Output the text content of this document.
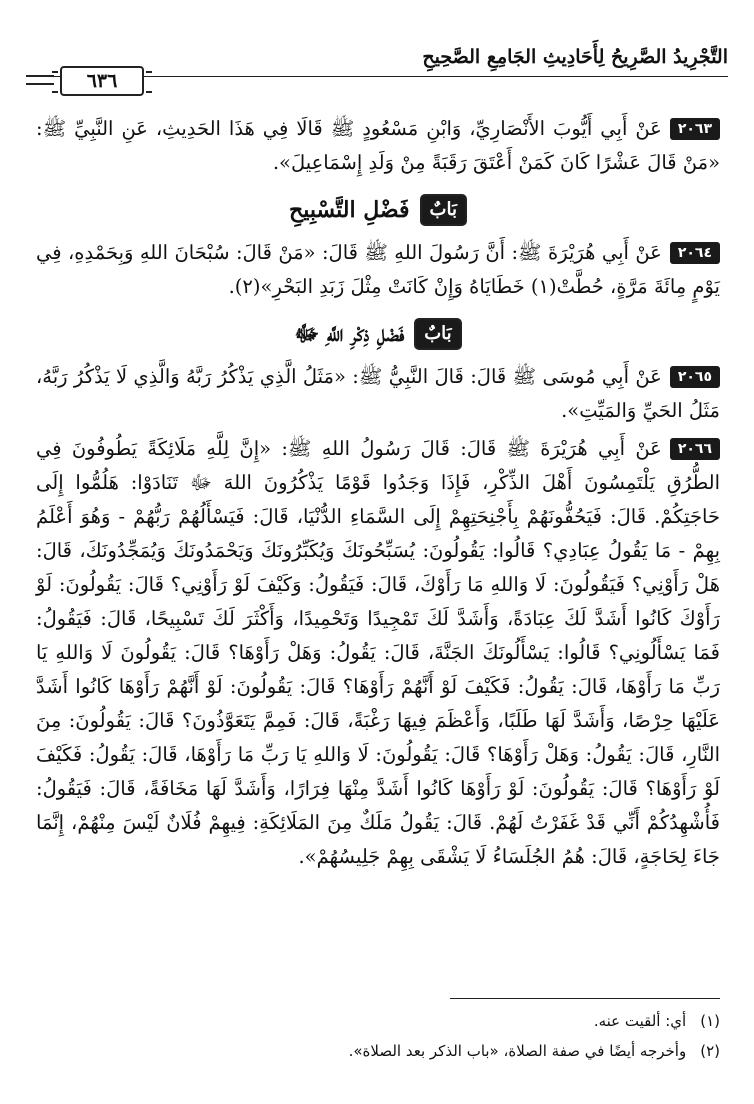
التَّجْرِيدُ الصَّرِيحُ لِأَحَادِيثِ الجَامِعِ الصَّحِيحِ
٦٣٦

٢٠٦٣عَنْ أَبِي أَيُّوبَ الأَنْصَارِيِّ، وَابْنِ مَسْعُودٍ ﷺ قَالَا فِي هَذَا الحَدِيثِ، عَنِ النَّبِيِّ ﷺ: «مَنْ قَالَ عَشْرًا كَانَ كَمَنْ أَعْتَقَ رَقَبَةً مِنْ وَلَدِ إِسْمَاعِيلَ».

بَابٌ
فَضْلِ التَّسْبِيحِ

٢٠٦٤عَنْ أَبِي هُرَيْرَةَ ﷺ: أَنَّ رَسُولَ اللهِ ﷺ قَالَ: «مَنْ قَالَ: سُبْحَانَ اللهِ وَبِحَمْدِهِ، فِي يَوْمٍ مِائَةَ مَرَّةٍ، حُطَّتْ(١) خَطَايَاهُ وَإِنْ كَانَتْ مِثْلَ زَبَدِ البَحْرِ»(٢).

بَابٌ
فَضْلِ ذِكْرِ اللَّهِ ﷻ

٢٠٦٥عَنْ أَبِي مُوسَى ﷺ قَالَ: قَالَ النَّبِيُّ ﷺ: «مَثَلُ الَّذِي يَذْكُرُ رَبَّهُ وَالَّذِي لَا يَذْكُرُ رَبَّهُ، مَثَلُ الحَيِّ وَالمَيِّتِ».

٢٠٦٦عَنْ أَبِي هُرَيْرَةَ ﷺ قَالَ: قَالَ رَسُولُ اللهِ ﷺ: «إِنَّ لِلَّهِ مَلَائِكَةً يَطُوفُونَ فِي الطُّرُقِ يَلْتَمِسُونَ أَهْلَ الذِّكْرِ، فَإِذَا وَجَدُوا قَوْمًا يَذْكُرُونَ اللهَ ﷻ تَنَادَوْا: هَلُمُّوا إِلَى حَاجَتِكُمْ. قَالَ: فَيَحُفُّونَهُمْ بِأَجْنِحَتِهِمْ إِلَى السَّمَاءِ الدُّنْيَا، قَالَ: فَيَسْأَلُهُمْ رَبُّهُمْ - وَهُوَ أَعْلَمُ بِهِمْ - مَا يَقُولُ عِبَادِي؟ قَالُوا: يَقُولُونَ: يُسَبِّحُونَكَ وَيُكَبِّرُونَكَ وَيَحْمَدُونَكَ وَيُمَجِّدُونَكَ، قَالَ: هَلْ رَأَوْنِي؟ فَيَقُولُونَ: لَا وَاللهِ مَا رَأَوْكَ، قَالَ: فَيَقُولُ: وَكَيْفَ لَوْ رَأَوْنِي؟ قَالَ: يَقُولُونَ: لَوْ رَأَوْكَ كَانُوا أَشَدَّ لَكَ عِبَادَةً، وَأَشَدَّ لَكَ تَمْجِيدًا وَتَحْمِيدًا، وَأَكْثَرَ لَكَ تَسْبِيحًا، قَالَ: فَيَقُولُ: فَمَا يَسْأَلُونِي؟ قَالُوا: يَسْأَلُونَكَ الجَنَّةَ، قَالَ: يَقُولُ: وَهَلْ رَأَوْهَا؟ قَالَ: يَقُولُونَ لَا وَاللهِ يَا رَبِّ مَا رَأَوْهَا، قَالَ: يَقُولُ: فَكَيْفَ لَوْ أَنَّهُمْ رَأَوْهَا؟ قَالَ: يَقُولُونَ: لَوْ أَنَّهُمْ رَأَوْهَا كَانُوا أَشَدَّ عَلَيْهَا حِرْصًا، وَأَشَدَّ لَهَا طَلَبًا، وَأَعْظَمَ فِيهَا رَغْبَةً، قَالَ: فَمِمَّ يَتَعَوَّذُونَ؟ قَالَ: يَقُولُونَ: مِنَ النَّارِ، قَالَ: يَقُولُ: وَهَلْ رَأَوْهَا؟ قَالَ: يَقُولُونَ: لَا وَاللهِ يَا رَبِّ مَا رَأَوْهَا، قَالَ: يَقُولُ: فَكَيْفَ لَوْ رَأَوْهَا؟ قَالَ: يَقُولُونَ: لَوْ رَأَوْهَا كَانُوا أَشَدَّ مِنْهَا فِرَارًا، وَأَشَدَّ لَهَا مَخَافَةً، قَالَ: فَيَقُولُ: فَأُشْهِدُكُمْ أَنِّي قَدْ غَفَرْتُ لَهُمْ. قَالَ: يَقُولُ مَلَكٌ مِنَ المَلَائِكَةِ: فِيهِمْ فُلَانٌ لَيْسَ مِنْهُمْ، إِنَّمَا جَاءَ لِحَاجَةٍ، قَالَ: هُمُ الجُلَسَاءُ لَا يَشْقَى بِهِمْ جَلِيسُهُمْ».

(١)أي: ألقيت عنه.
(٢)وأخرجه أيضًا في صفة الصلاة، «باب الذكر بعد الصلاة».
